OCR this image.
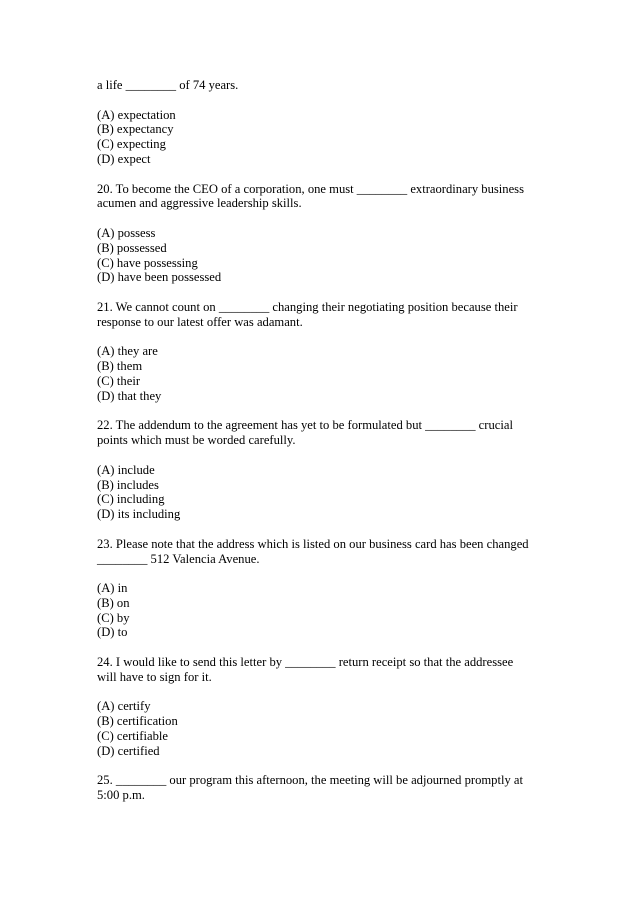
a life ________ of 74 years.
(A) expectation
(B) expectancy
(C) expecting
(D) expect
20. To become the CEO of a corporation, one must ________ extraordinary business
acumen and aggressive leadership skills.
(A) possess
(B) possessed
(C) have possessing
(D) have been possessed
21. We cannot count on ________ changing their negotiating position because their
response to our latest offer was adamant.
(A) they are
(B) them
(C) their
(D) that they
22. The addendum to the agreement has yet to be formulated but ________ crucial
points which must be worded carefully.
(A) include
(B) includes
(C) including
(D) its including
23. Please note that the address which is listed on our business card has been changed
________ 512 Valencia Avenue.
(A) in
(B) on
(C) by
(D) to
24. I would like to send this letter by ________ return receipt so that the addressee
will have to sign for it.
(A) certify
(B) certification
(C) certifiable
(D) certified
25. ________ our program this afternoon, the meeting will be adjourned promptly at
5:00 p.m.
